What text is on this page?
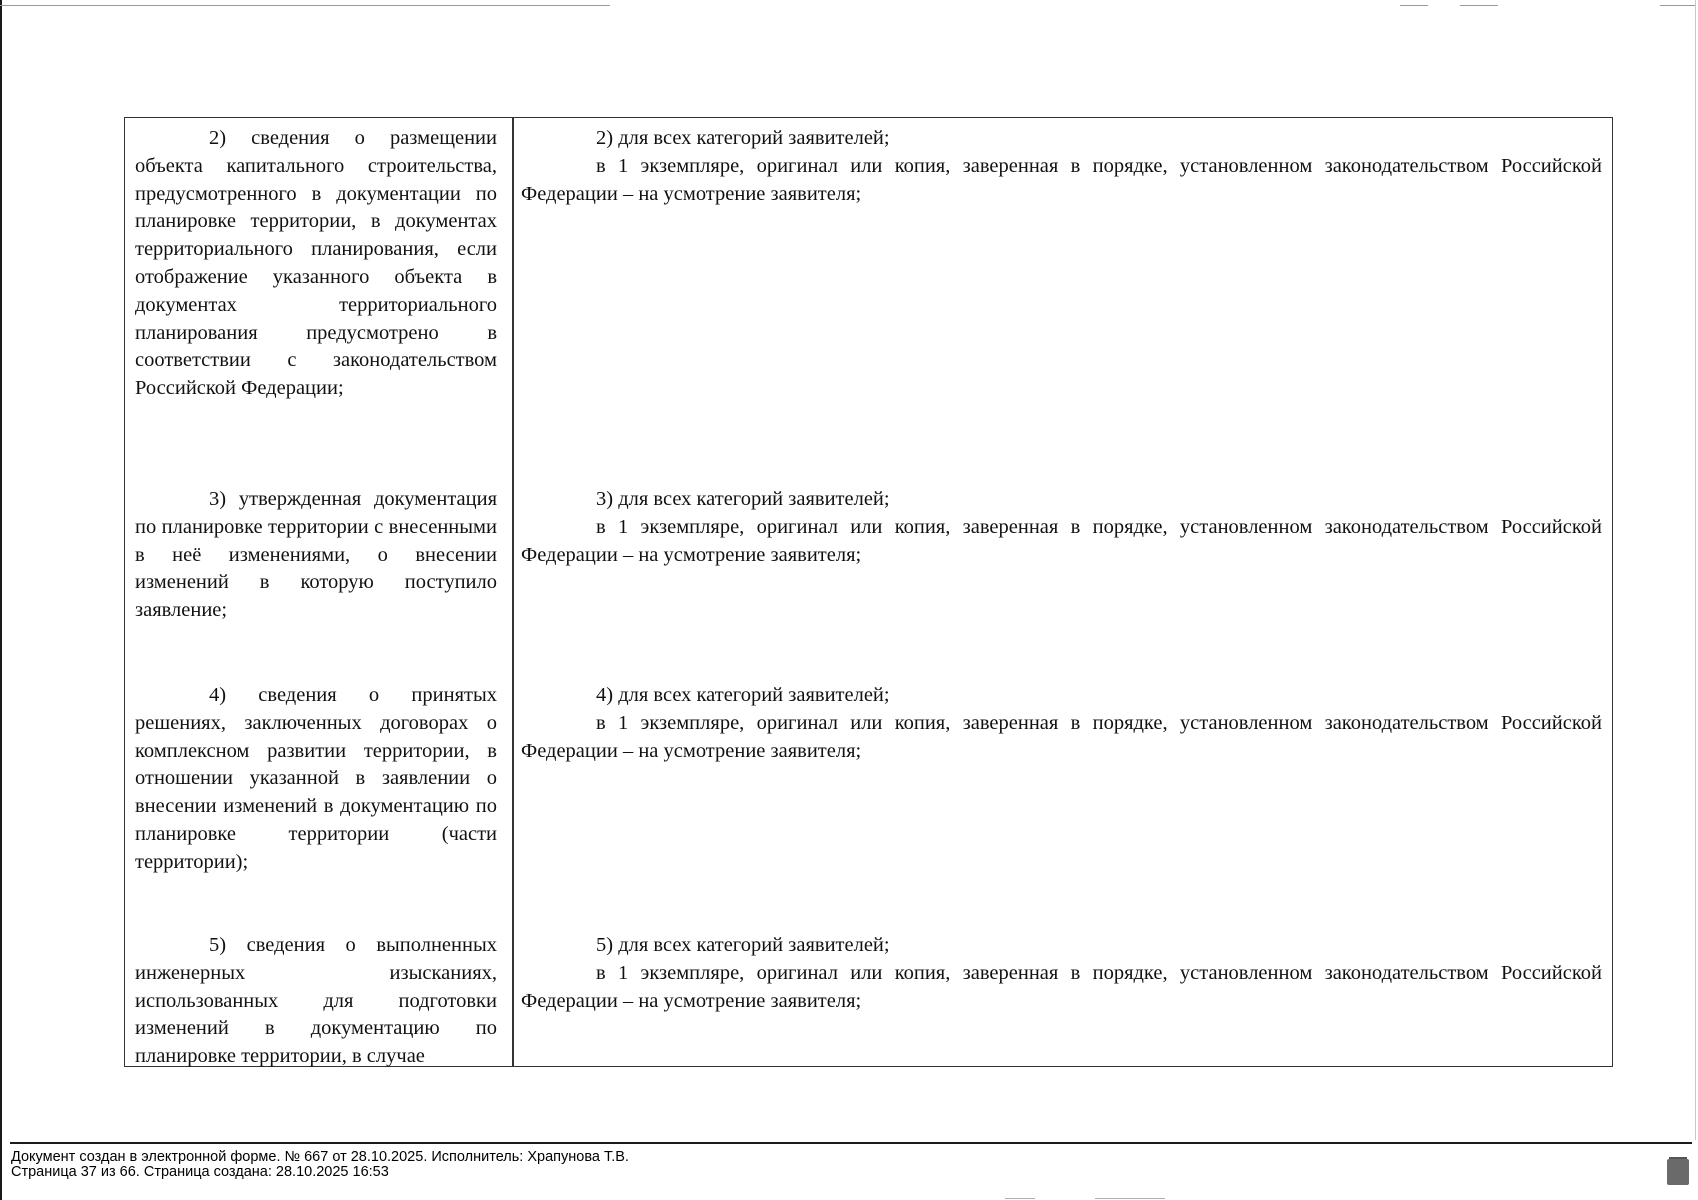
2) сведения о размещении объекта капитального строительства, предусмотренного в документации по планировке территории, в документах территориального планирования, если отображение указанного объекта в документах территориального планирования предусмотрено в соответствии с законодательством Российской Федерации;

2) для всех категорий заявителей;

в 1 экземпляре, оригинал или копия, заверенная в порядке, установленном законодательством Российской Федерации – на усмотрение заявителя;

3) утвержденная документация по планировке территории с внесенными в неё изменениями, о внесении изменений в которую поступило заявление;

3) для всех категорий заявителей;

в 1 экземпляре, оригинал или копия, заверенная в порядке, установленном законодательством Российской Федерации – на усмотрение заявителя;

4) сведения о принятых решениях, заключенных договорах о комплексном развитии территории, в отношении указанной в заявлении о внесении изменений в документацию по планировке территории (части территории);

4) для всех категорий заявителей;

в 1 экземпляре, оригинал или копия, заверенная в порядке, установленном законодательством Российской Федерации – на усмотрение заявителя;

5) сведения о выполненных инженерных изысканиях, использованных для подготовки изменений в документацию по планировке территории, в случае

5) для всех категорий заявителей;

в 1 экземпляре, оригинал или копия, заверенная в порядке, установленном законодательством Российской Федерации – на усмотрение заявителя;

Документ создан в электронной форме. № 667 от 28.10.2025. Исполнитель: Храпунова Т.В.
Страница 37 из 66. Страница создана: 28.10.2025 16:53
